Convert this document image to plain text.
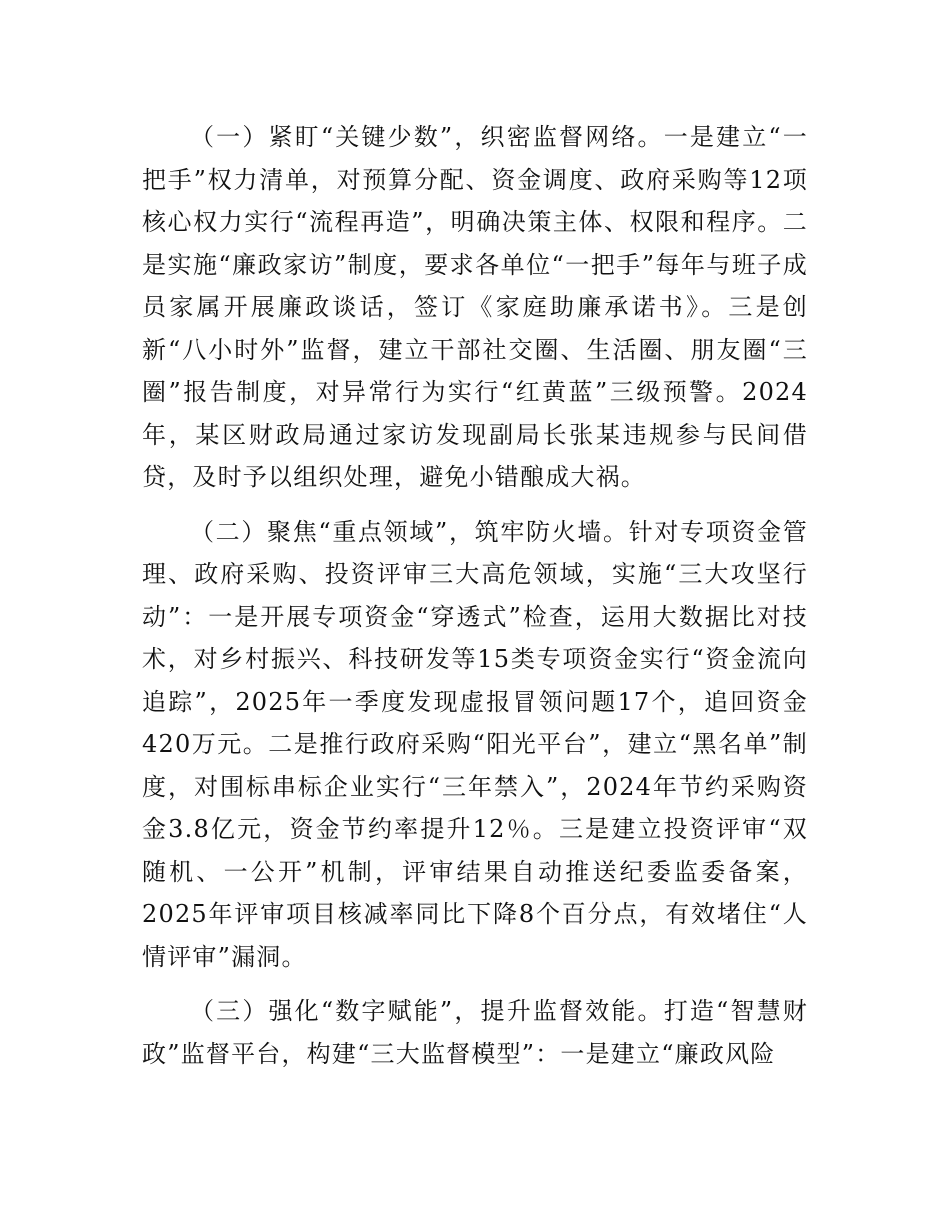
（一）紧盯“关键少数”，织密监督网络。一是建立“一把手”权力清单，对预算分配、资金调度、政府采购等12项核心权力实行“流程再造”，明确决策主体、权限和程序。二是实施“廉政家访”制度，要求各单位“一把手”每年与班子成员家属开展廉政谈话，签订《家庭助廉承诺书》。三是创新“八小时外”监督，建立干部社交圈、生活圈、朋友圈“三圈”报告制度，对异常行为实行“红黄蓝”三级预警。2024年，某区财政局通过家访发现副局长张某违规参与民间借贷，及时予以组织处理，避免小错酿成大祸。

（二）聚焦“重点领域”，筑牢防火墙。针对专项资金管理、政府采购、投资评审三大高危领域，实施“三大攻坚行动”：一是开展专项资金“穿透式”检查，运用大数据比对技术，对乡村振兴、科技研发等15类专项资金实行“资金流向追踪”，2025年一季度发现虚报冒领问题17个，追回资金420万元。二是推行政府采购“阳光平台”，建立“黑名单”制度，对围标串标企业实行“三年禁入”，2024年节约采购资金3.8亿元，资金节约率提升12％。三是建立投资评审“双随机、一公开”机制，评审结果自动推送纪委监委备案，2025年评审项目核减率同比下降8个百分点，有效堵住“人情评审”漏洞。

（三）强化“数字赋能”，提升监督效能。打造“智慧财政”监督平台，构建“三大监督模型”：一是建立“廉政风险
